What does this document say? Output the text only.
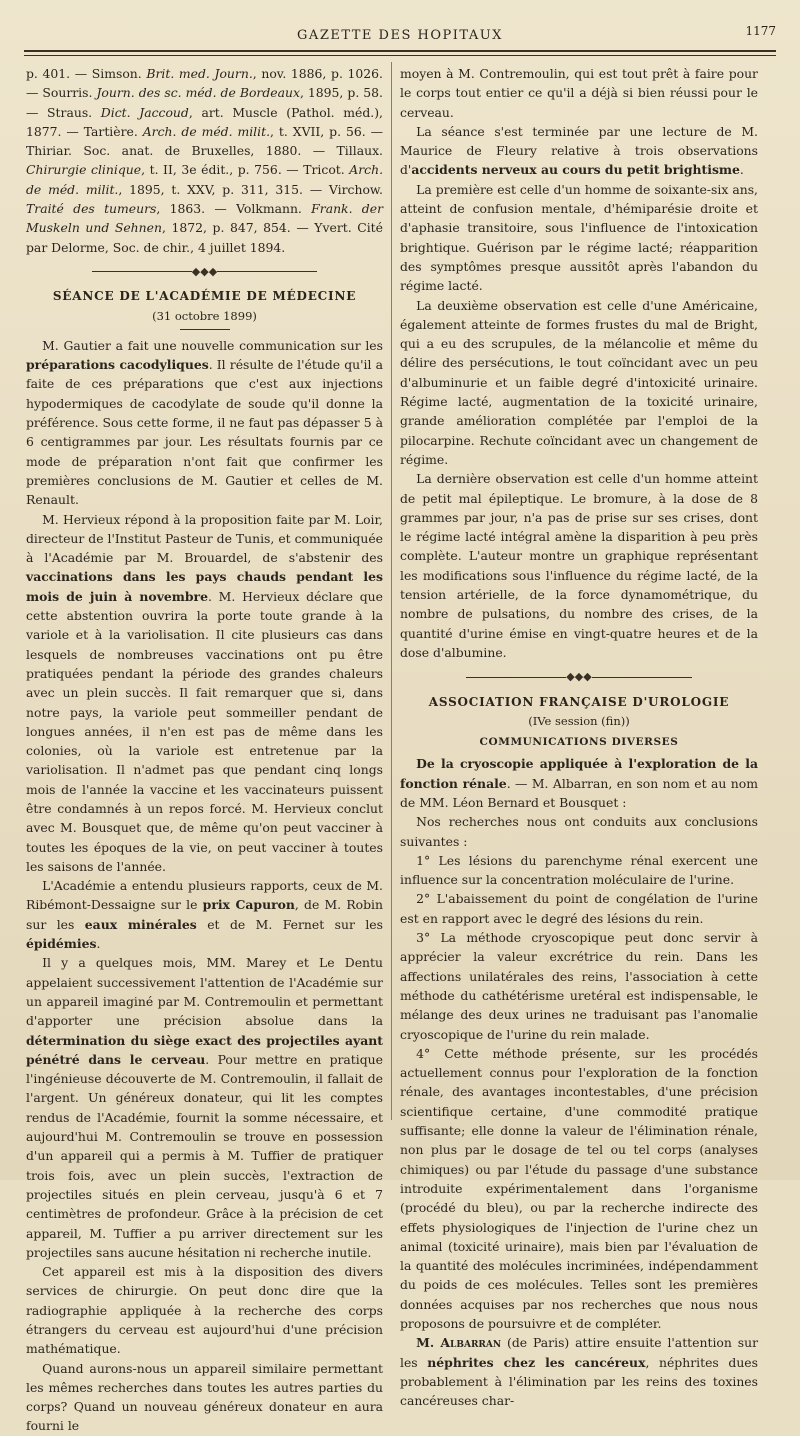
GAZETTE DES HOPITAUX	1177

p. 401. — Simson. Brit. med. Journ., nov. 1886, p. 1026. — Sourris. Journ. des sc. méd. de Bordeaux, 1895, p. 58. — Straus. Dict. Jaccoud, art. Muscle (Pathol. méd.), 1877. — Tartière. Arch. de méd. milit., t. XVII, p. 56. — Thiriar. Soc. anat. de Bruxelles, 1880. — Tillaux. Chirurgie clinique, t. II, 3e édit., p. 756. — Tricot. Arch. de méd. milit., 1895, t. XXV, p. 311, 315. — Virchow. Traité des tumeurs, 1863. — Volkmann. Frank. der Muskeln und Sehnen, 1872, p. 847, 854. — Yvert. Cité par Delorme, Soc. de chir., 4 juillet 1894.

◆◆◆
SÉANCE DE L'ACADÉMIE DE MÉDECINE
(31 octobre 1899)

M. Gautier a fait une nouvelle communication sur les préparations cacodyliques. Il résulte de l'étude qu'il a faite de ces préparations que c'est aux injections hypodermiques de cacodylate de soude qu'il donne la préférence. Sous cette forme, il ne faut pas dépasser 5 à 6 centigrammes par jour. Les résultats fournis par ce mode de préparation n'ont fait que confirmer les premières conclusions de M. Gautier et celles de M. Renault.

M. Hervieux répond à la proposition faite par M. Loir, directeur de l'Institut Pasteur de Tunis, et communiquée à l'Académie par M. Brouardel, de s'abstenir des vaccinations dans les pays chauds pendant les mois de juin à novembre. M. Hervieux déclare que cette abstention ouvrira la porte toute grande à la variole et à la variolisation. Il cite plusieurs cas dans lesquels de nombreuses vaccinations ont pu être pratiquées pendant la période des grandes chaleurs avec un plein succès. Il fait remarquer que si, dans notre pays, la variole peut sommeiller pendant de longues années, il n'en est pas de même dans les colonies, où la variole est entretenue par la variolisation. Il n'admet pas que pendant cinq longs mois de l'année la vaccine et les vaccinateurs puissent être condamnés à un repos forcé. M. Hervieux conclut avec M. Bousquet que, de même qu'on peut vacciner à toutes les époques de la vie, on peut vacciner à toutes les saisons de l'année.

L'Académie a entendu plusieurs rapports, ceux de M. Ribémont-Dessaigne sur le prix Capuron, de M. Robin sur les eaux minérales et de M. Fernet sur les épidémies.

Il y a quelques mois, MM. Marey et Le Dentu appelaient successivement l'attention de l'Académie sur un appareil imaginé par M. Contremoulin et permettant d'apporter une précision absolue dans la détermination du siège exact des projectiles ayant pénétré dans le cerveau. Pour mettre en pratique l'ingénieuse découverte de M. Contremoulin, il fallait de l'argent. Un généreux donateur, qui lit les comptes rendus de l'Académie, fournit la somme nécessaire, et aujourd'hui M. Contremoulin se trouve en possession d'un appareil qui a permis à M. Tuffier de pratiquer trois fois, avec un plein succès, l'extraction de projectiles situés en plein cerveau, jusqu'à 6 et 7 centimètres de profondeur. Grâce à la précision de cet appareil, M. Tuffier a pu arriver directement sur les projectiles sans aucune hésitation ni recherche inutile.

Cet appareil est mis à la disposition des divers services de chirurgie. On peut donc dire que la radiographie appliquée à la recherche des corps étrangers du cerveau est aujourd'hui d'une précision mathématique.

Quand aurons-nous un appareil similaire permettant les mêmes recherches dans toutes les autres parties du corps? Quand un nouveau généreux donateur en aura fourni le

moyen à M. Contremoulin, qui est tout prêt à faire pour le corps tout entier ce qu'il a déjà si bien réussi pour le cerveau.

La séance s'est terminée par une lecture de M. Maurice de Fleury relative à trois observations d'accidents nerveux au cours du petit brightisme.

La première est celle d'un homme de soixante-six ans, atteint de confusion mentale, d'hémiparésie droite et d'aphasie transitoire, sous l'influence de l'intoxication brightique. Guérison par le régime lacté; réapparition des symptômes presque aussitôt après l'abandon du régime lacté.

La deuxième observation est celle d'une Américaine, également atteinte de formes frustes du mal de Bright, qui a eu des scrupules, de la mélancolie et même du délire des persécutions, le tout coïncidant avec un peu d'albuminurie et un faible degré d'intoxicité urinaire. Régime lacté, augmentation de la toxicité urinaire, grande amélioration complétée par l'emploi de la pilocarpine. Rechute coïncidant avec un changement de régime.

La dernière observation est celle d'un homme atteint de petit mal épileptique. Le bromure, à la dose de 8 grammes par jour, n'a pas de prise sur ses crises, dont le régime lacté intégral amène la disparition à peu près complète. L'auteur montre un graphique représentant les modifications sous l'influence du régime lacté, de la tension artérielle, de la force dynamométrique, du nombre de pulsations, du nombre des crises, de la quantité d'urine émise en vingt-quatre heures et de la dose d'albumine.

◆◆◆
ASSOCIATION FRANÇAISE D'UROLOGIE
(IVe session (fin))
COMMUNICATIONS DIVERSES

De la cryoscopie appliquée à l'exploration de la fonction rénale. — M. Albarran, en son nom et au nom de MM. Léon Bernard et Bousquet :

Nos recherches nous ont conduits aux conclusions suivantes :

1° Les lésions du parenchyme rénal exercent une influence sur la concentration moléculaire de l'urine.

2° L'abaissement du point de congélation de l'urine est en rapport avec le degré des lésions du rein.

3° La méthode cryoscopique peut donc servir à apprécier la valeur excrétrice du rein. Dans les affections unilatérales des reins, l'association à cette méthode du cathétérisme uretéral est indispensable, le mélange des deux urines ne traduisant pas l'anomalie cryoscopique de l'urine du rein malade.

4° Cette méthode présente, sur les procédés actuellement connus pour l'exploration de la fonction rénale, des avantages incontestables, d'une précision scientifique certaine, d'une commodité pratique suffisante; elle donne la valeur de l'élimination rénale, non plus par le dosage de tel ou tel corps (analyses chimiques) ou par l'étude du passage d'une substance introduite expérimentalement dans l'organisme (procédé du bleu), ou par la recherche indirecte des effets physiologiques de l'injection de l'urine chez un animal (toxicité urinaire), mais bien par l'évaluation de la quantité des molécules incriminées, indépendamment du poids de ces molécules. Telles sont les premières données acquises par nos recherches que nous nous proposons de poursuivre et de compléter.

M. Albarran (de Paris) attire ensuite l'attention sur les néphrites chez les cancéreux, néphrites dues probablement à l'élimination par les reins des toxines cancéreuses char-
